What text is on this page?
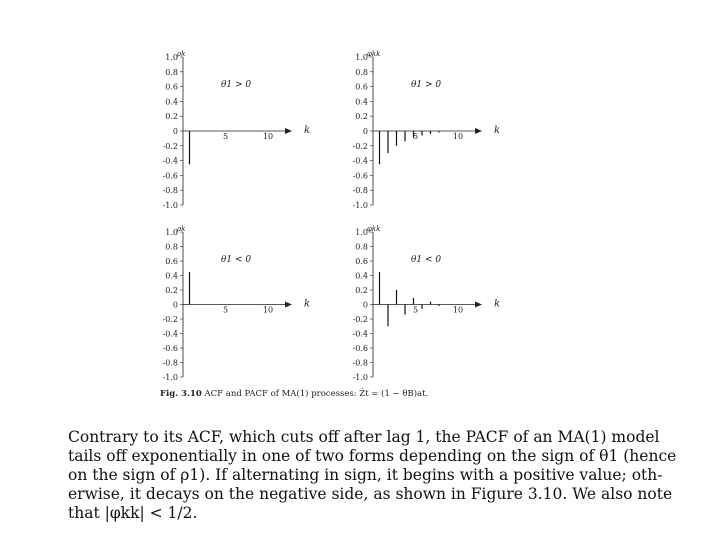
1.0
0.8
0.6
0.4
0.2
0
-0.2
-0.4
-0.6
-0.8
-1.0
5	10
k
ρk
θ1 > 0
1.0
0.8
0.6
0.4
0.2
0
-0.2
-0.4
-0.6
-0.8
-1.0
5	10
k
φkk
θ1 > 0
1.0
0.8
0.6
0.4
0.2
0
-0.2
-0.4
-0.6
-0.8
-1.0
5	10
k
ρk
θ1 < 0
1.0
0.8
0.6
0.4
0.2
0
-0.2
-0.4
-0.6
-0.8
-1.0
5	10
k
φkk
θ1 < 0
Fig. 3.10 ACF and PACF of MA(1) processes: Żt = (1 − θB)at.

Contrary to its ACF, which cuts off after lag 1, the PACF of an MA(1) model

tails off exponentially in one of two forms depending on the sign of θ1 (hence

on the sign of ρ1). If alternating in sign, it begins with a positive value; oth-

erwise, it decays on the negative side, as shown in Figure 3.10. We also note

that |φkk| < 1/2.
